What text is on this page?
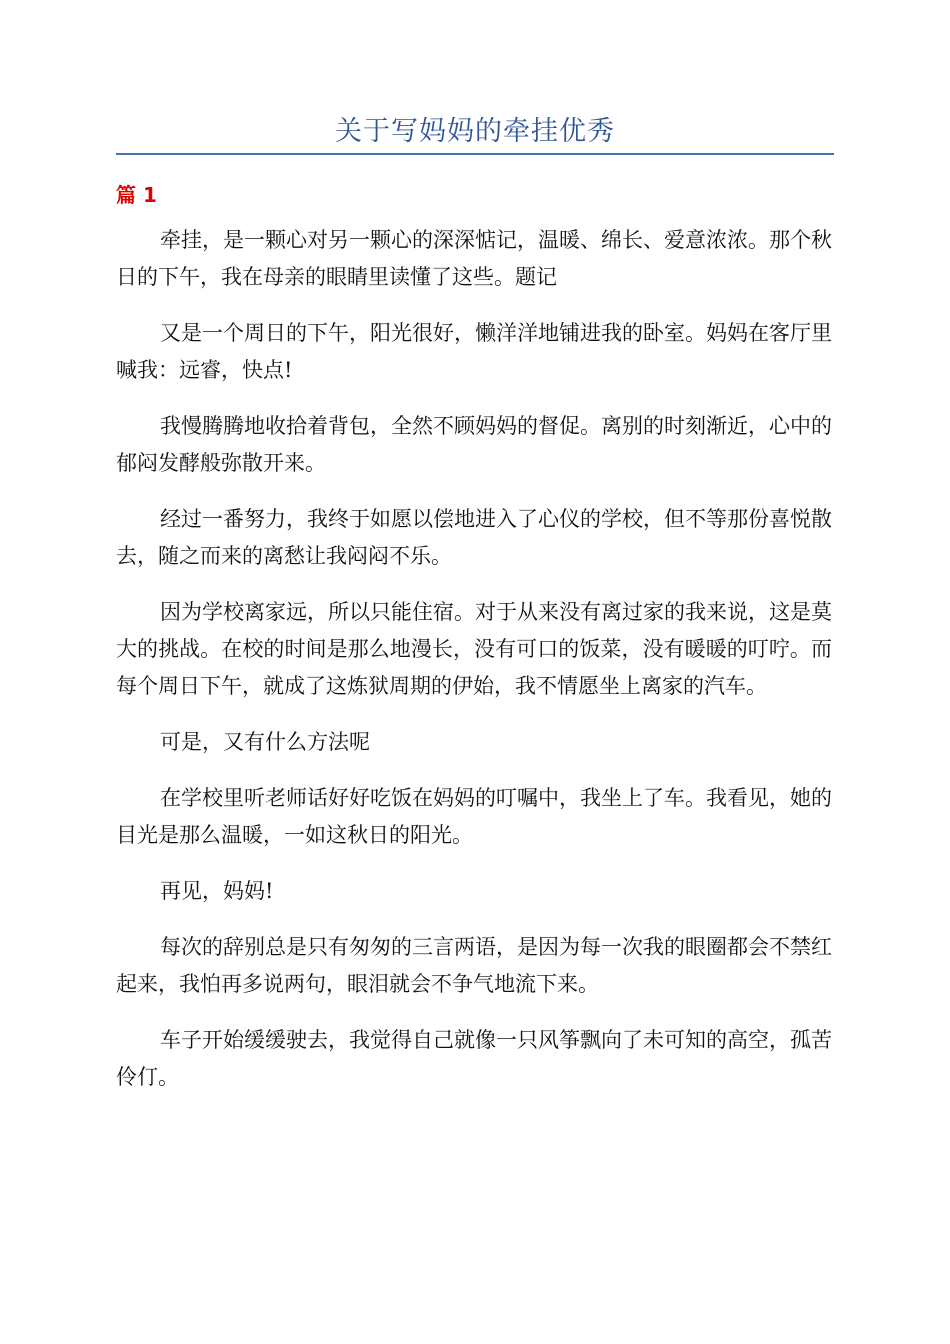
关于写妈妈的牵挂优秀
篇 1

牵挂，是一颗心对另一颗心的深深惦记，温暖、绵长、爱意浓浓。那个秋日的下午，我在母亲的眼睛里读懂了这些。题记

又是一个周日的下午，阳光很好，懒洋洋地铺进我的卧室。妈妈在客厅里喊我：远睿，快点!

我慢腾腾地收拾着背包，全然不顾妈妈的督促。离别的时刻渐近，心中的郁闷发酵般弥散开来。

经过一番努力，我终于如愿以偿地进入了心仪的学校，但不等那份喜悦散去，随之而来的离愁让我闷闷不乐。

因为学校离家远，所以只能住宿。对于从来没有离过家的我来说，这是莫大的挑战。在校的时间是那么地漫长，没有可口的饭菜，没有暖暖的叮咛。而每个周日下午，就成了这炼狱周期的伊始，我不情愿坐上离家的汽车。

可是，又有什么方法呢

在学校里听老师话好好吃饭在妈妈的叮嘱中，我坐上了车。我看见，她的目光是那么温暖，一如这秋日的阳光。

再见，妈妈!

每次的辞别总是只有匆匆的三言两语，是因为每一次我的眼圈都会不禁红起来，我怕再多说两句，眼泪就会不争气地流下来。

车子开始缓缓驶去，我觉得自己就像一只风筝飘向了未可知的高空，孤苦伶仃。
